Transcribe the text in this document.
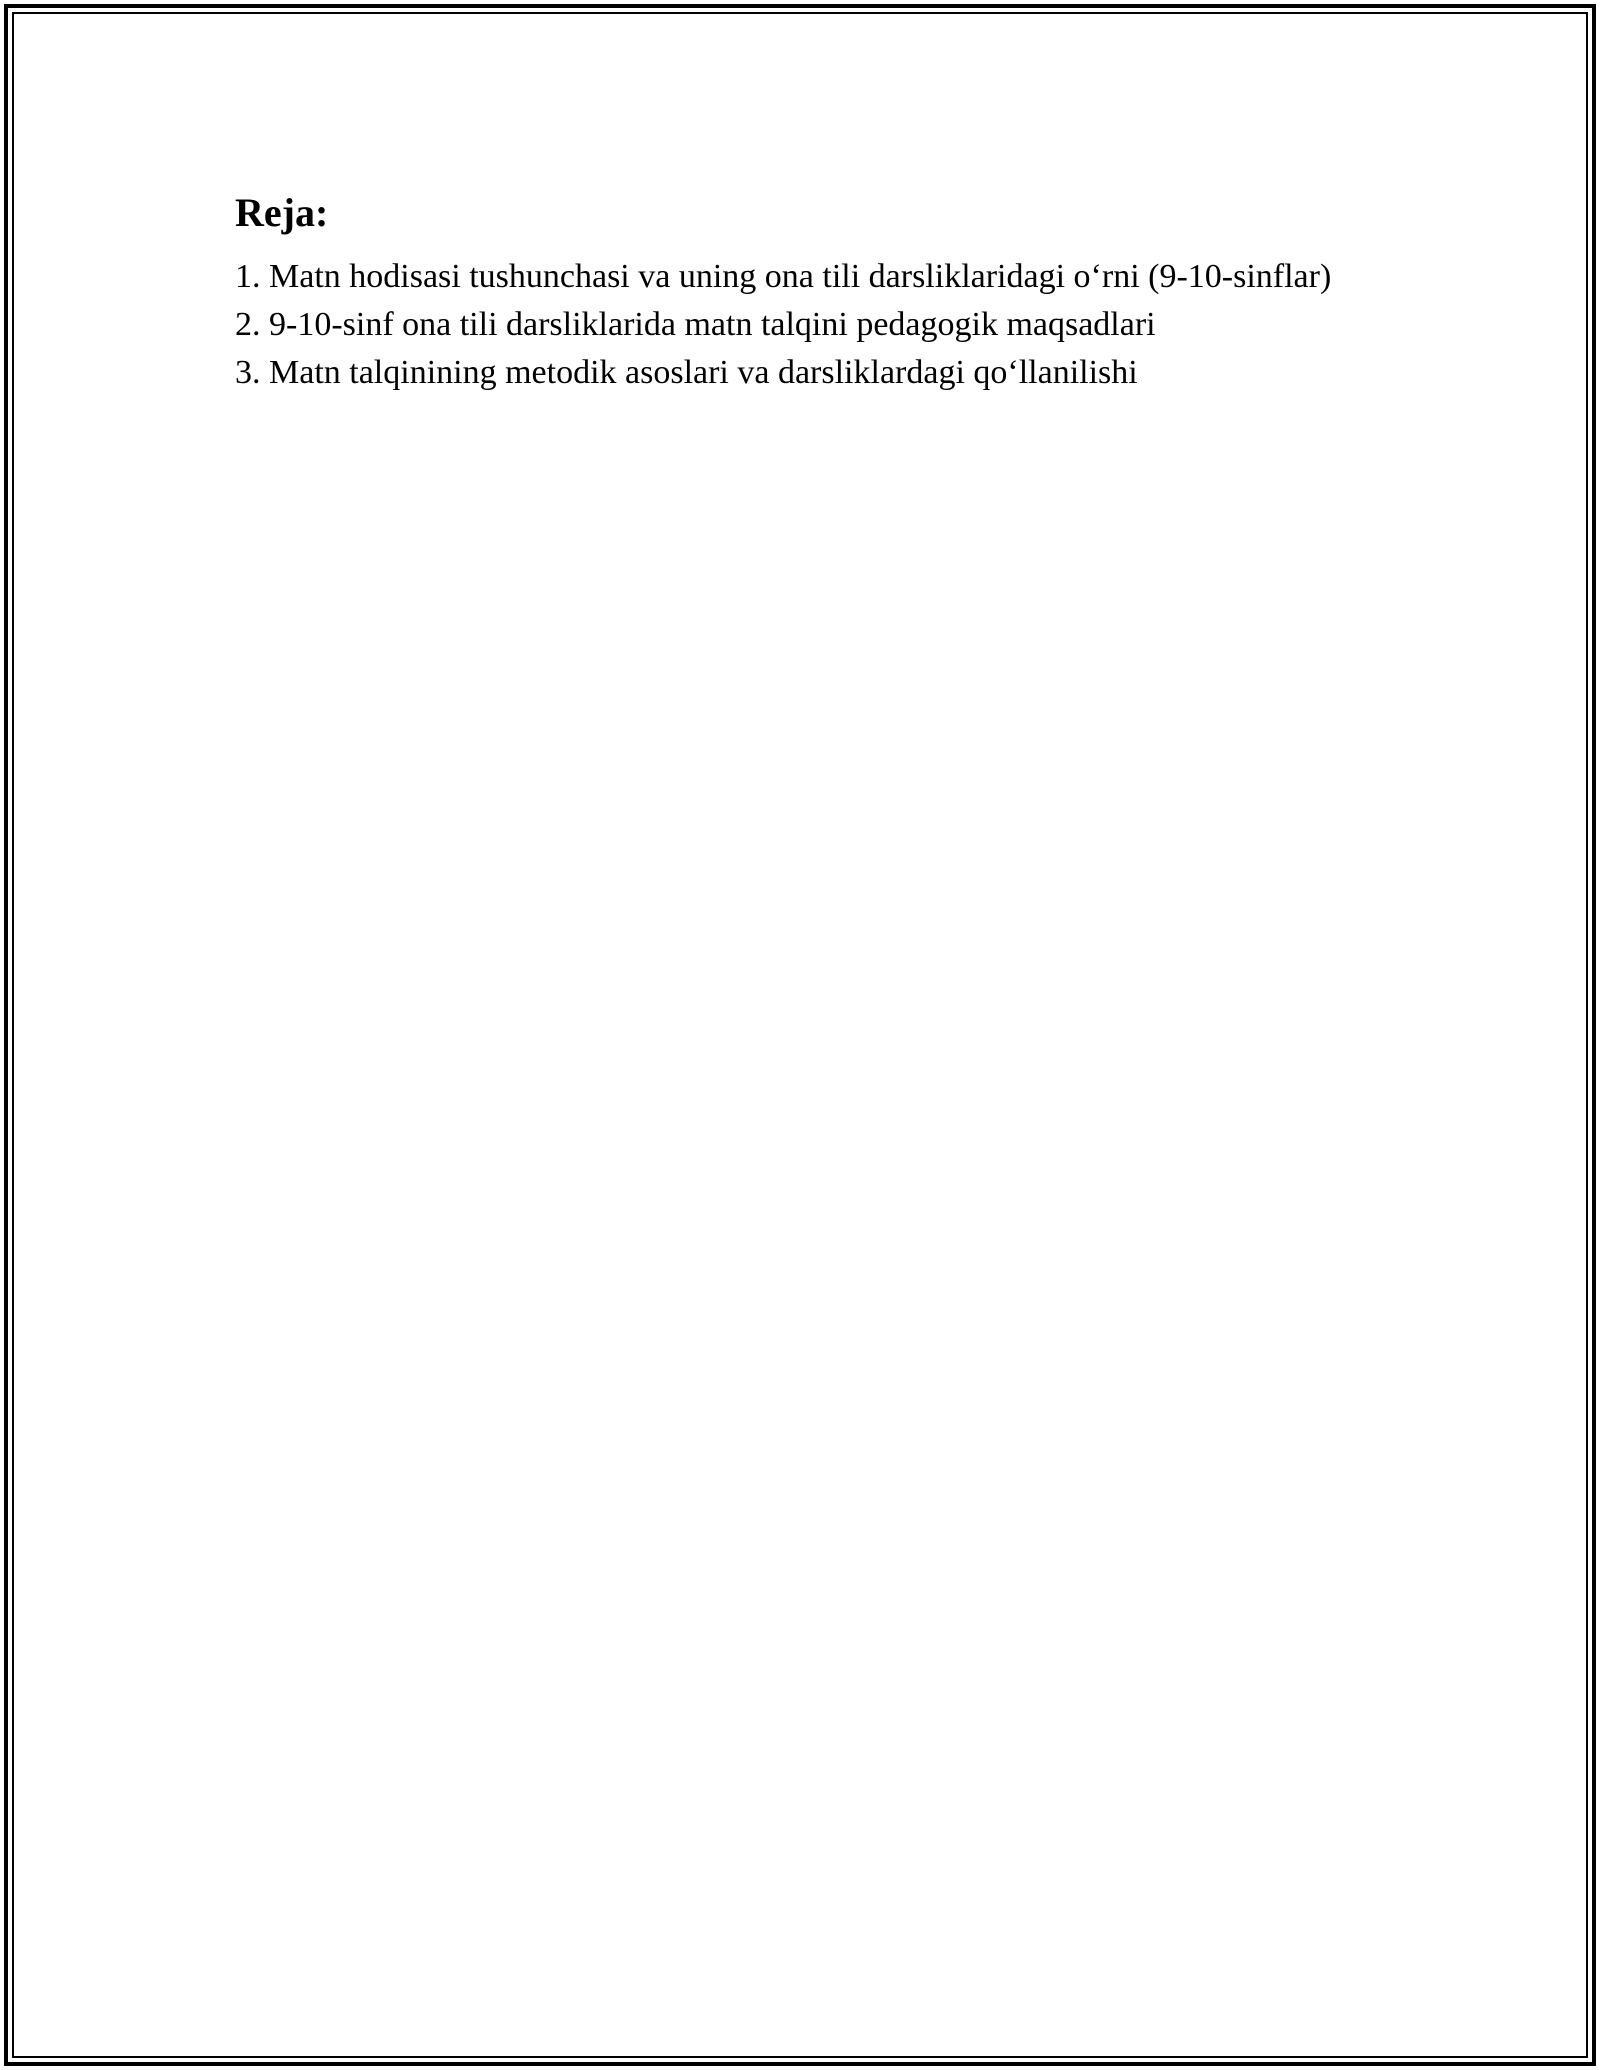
Reja:
1. Matn hodisasi tushunchasi va uning ona tili darsliklaridagi o‘rni (9-10-sinflar)
2. 9-10-sinf ona tili darsliklarida matn talqini pedagogik maqsadlari
3. Matn talqinining metodik asoslari va darsliklardagi qo‘llanilishi
